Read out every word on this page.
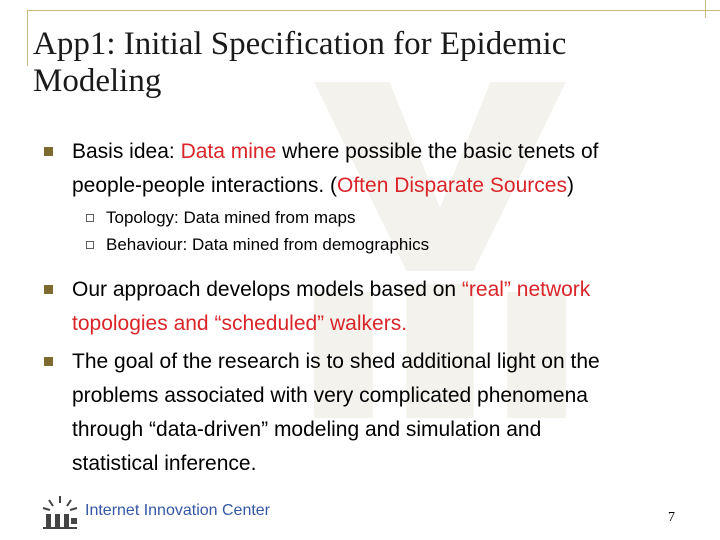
App1: Initial Specification for Epidemic
Modeling
Basis idea: Data mine where possible the basic tenets of
people-people interactions. (Often Disparate Sources)
Topology: Data mined from maps
Behaviour: Data mined from demographics
Our approach develops models based on “real” network
topologies and “scheduled” walkers.
The goal of the research is to shed additional light on the
problems associated with very complicated phenomena
through “data-driven” modeling and simulation and
statistical inference.
Internet Innovation Center	7
